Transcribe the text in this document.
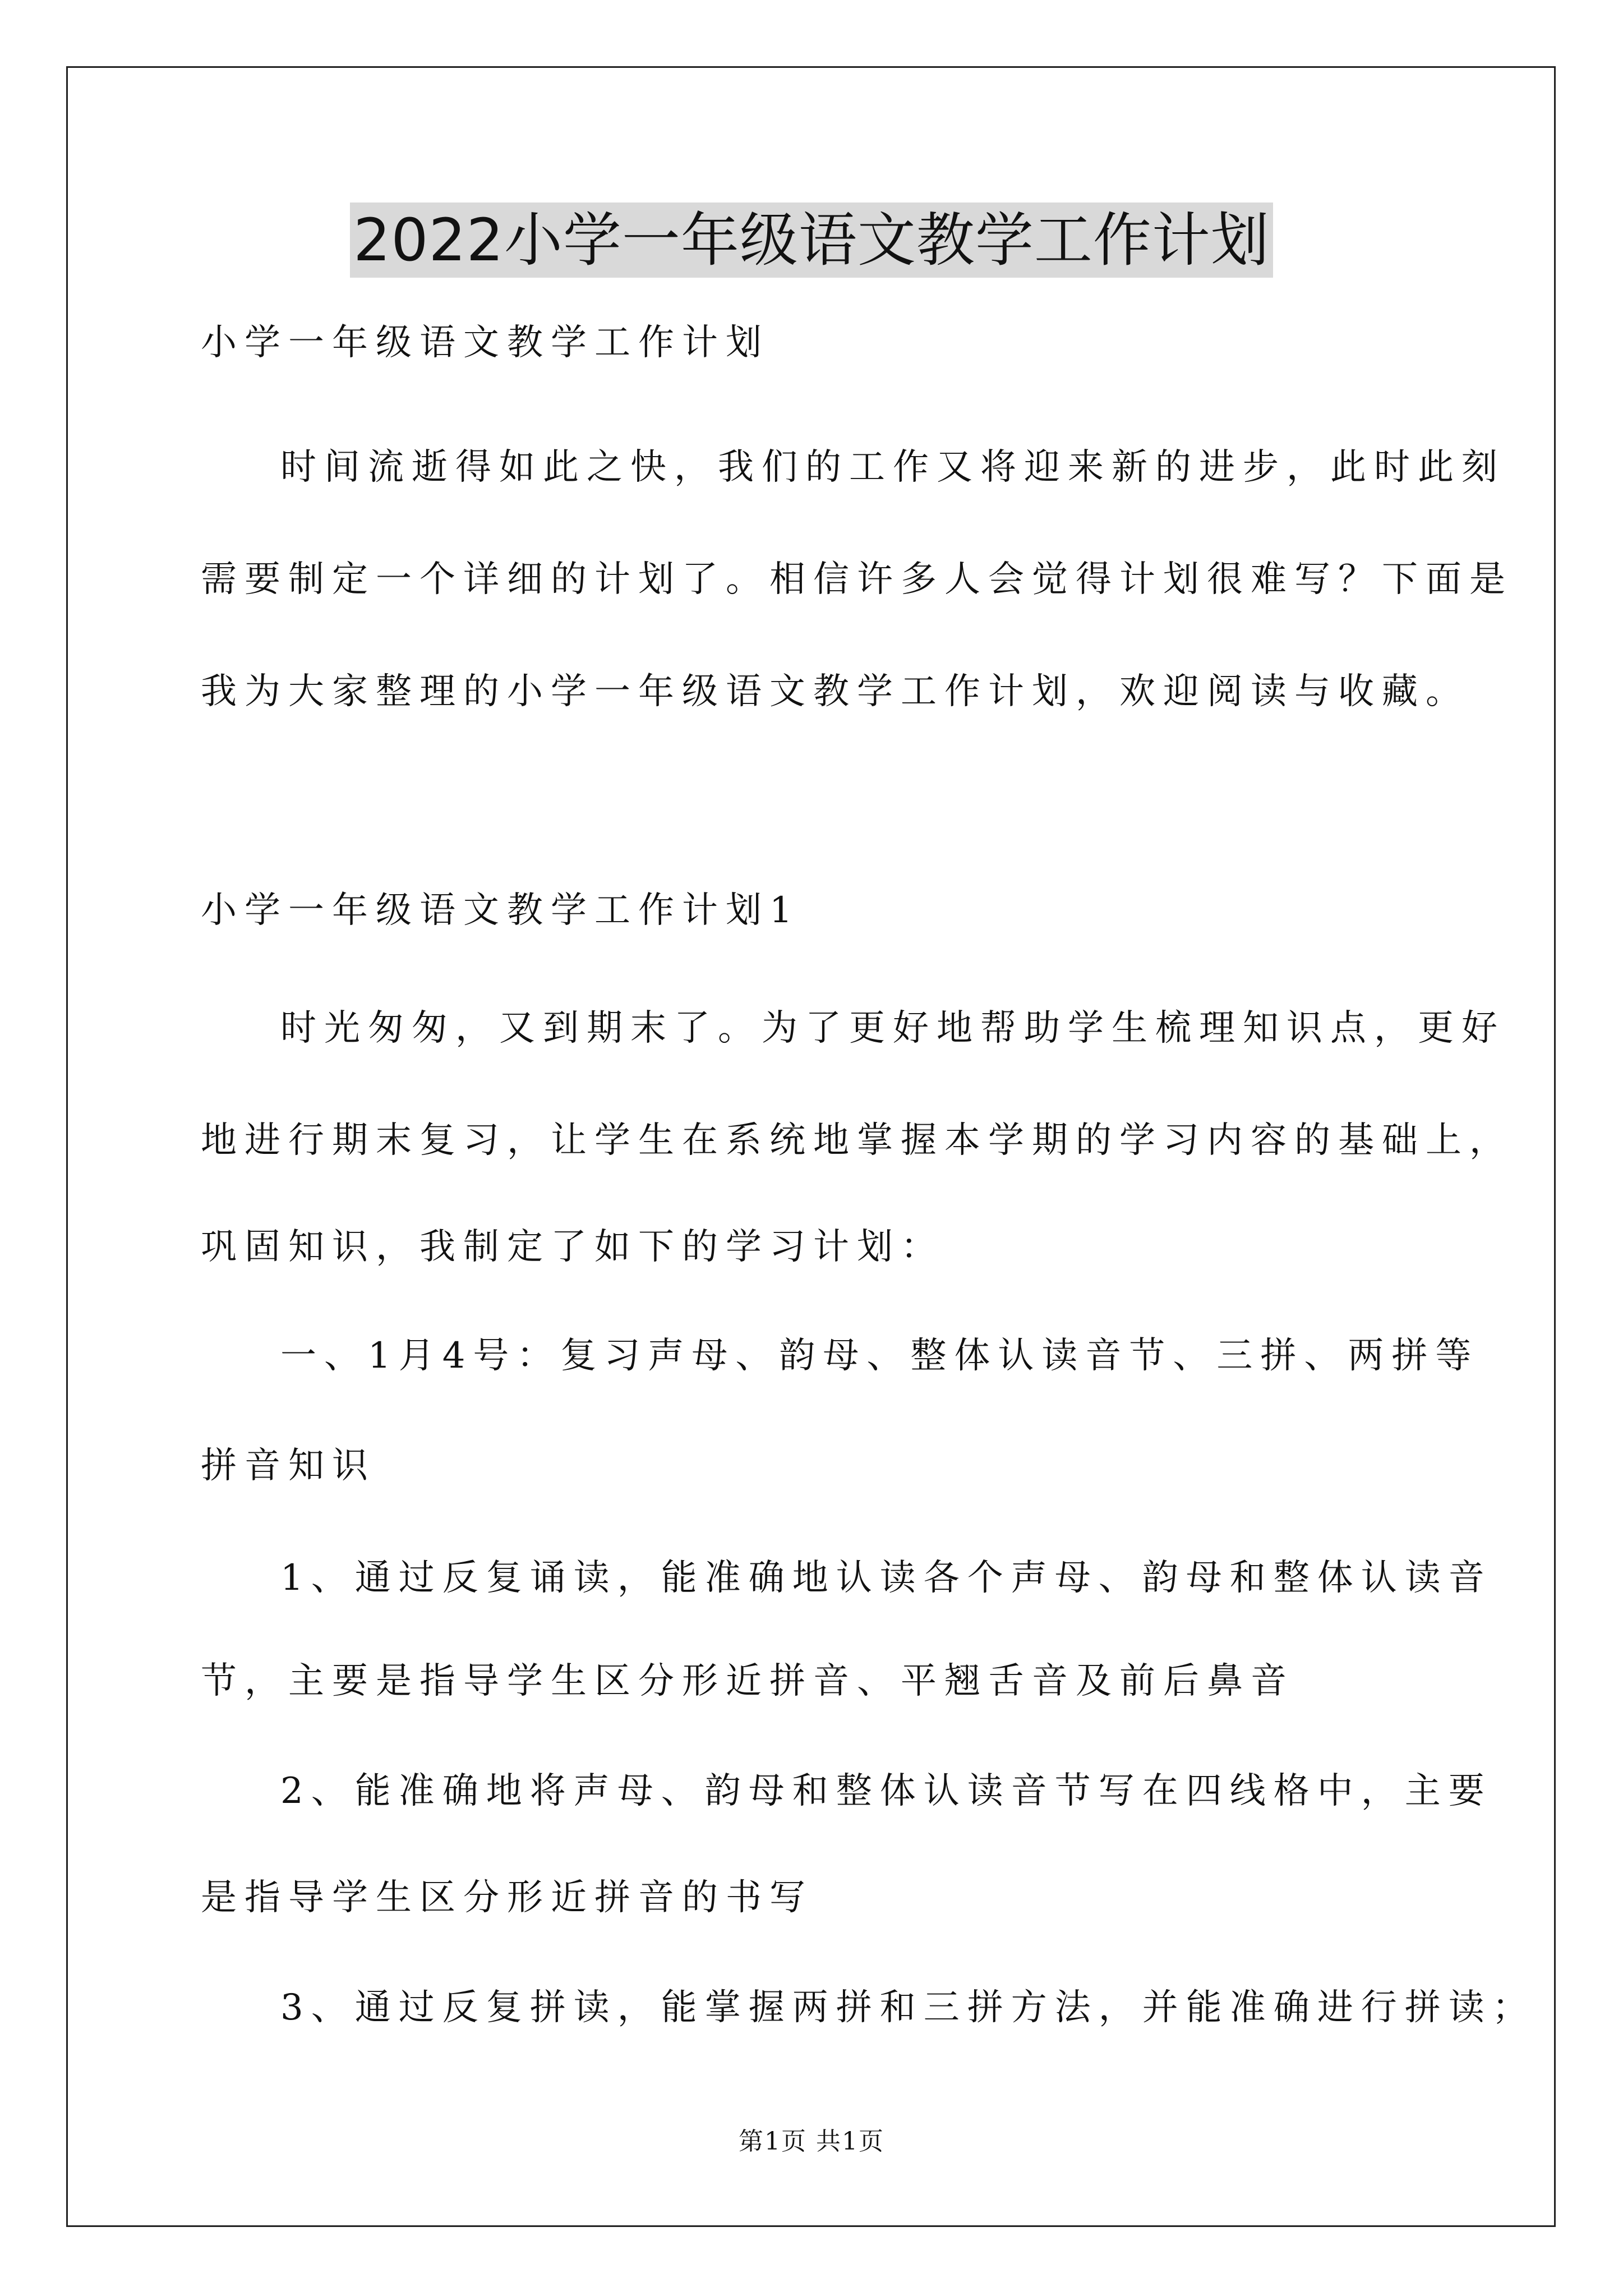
2022小学一年级语文教学工作计划
小学一年级语文教学工作计划
时间流逝得如此之快，我们的工作又将迎来新的进步，此时此刻
需要制定一个详细的计划了。相信许多人会觉得计划很难写？下面是
我为大家整理的小学一年级语文教学工作计划，欢迎阅读与收藏。
小学一年级语文教学工作计划1
时光匆匆，又到期末了。为了更好地帮助学生梳理知识点，更好
地进行期末复习，让学生在系统地掌握本学期的学习内容的基础上，
巩固知识，我制定了如下的学习计划：
一、1月4号：复习声母、韵母、整体认读音节、三拼、两拼等
拼音知识
1、通过反复诵读，能准确地认读各个声母、韵母和整体认读音
节，主要是指导学生区分形近拼音、平翘舌音及前后鼻音
2、能准确地将声母、韵母和整体认读音节写在四线格中，主要
是指导学生区分形近拼音的书写
3、通过反复拼读，能掌握两拼和三拼方法，并能准确进行拼读；
第1页 共1页
